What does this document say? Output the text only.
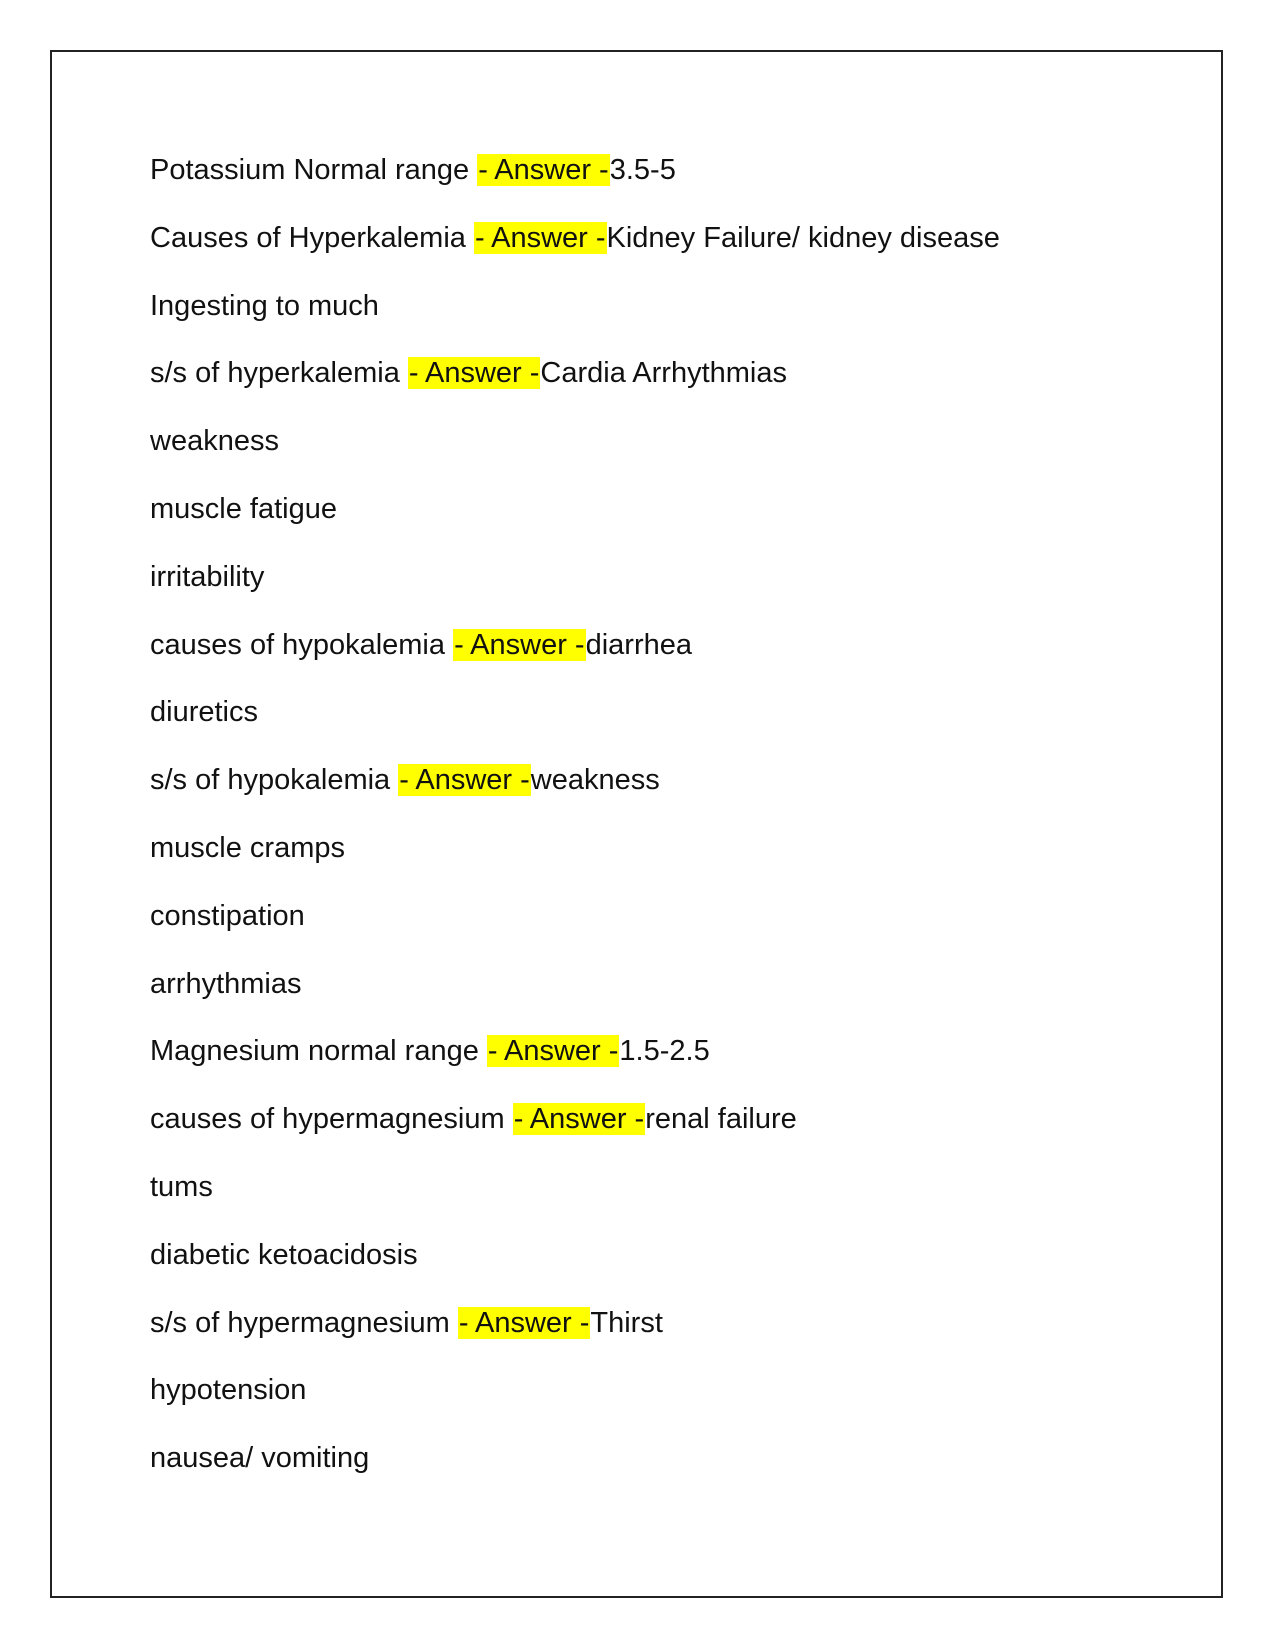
Potassium Normal range - Answer -3.5-5
Causes of Hyperkalemia - Answer -Kidney Failure/ kidney disease
Ingesting to much
s/s of hyperkalemia - Answer -Cardia Arrhythmias
weakness
muscle fatigue
irritability
causes of hypokalemia - Answer -diarrhea
diuretics
s/s of hypokalemia - Answer -weakness
muscle cramps
constipation
arrhythmias
Magnesium normal range - Answer -1.5-2.5
causes of hypermagnesium - Answer -renal failure
tums
diabetic ketoacidosis
s/s of hypermagnesium - Answer -Thirst
hypotension
nausea/ vomiting
